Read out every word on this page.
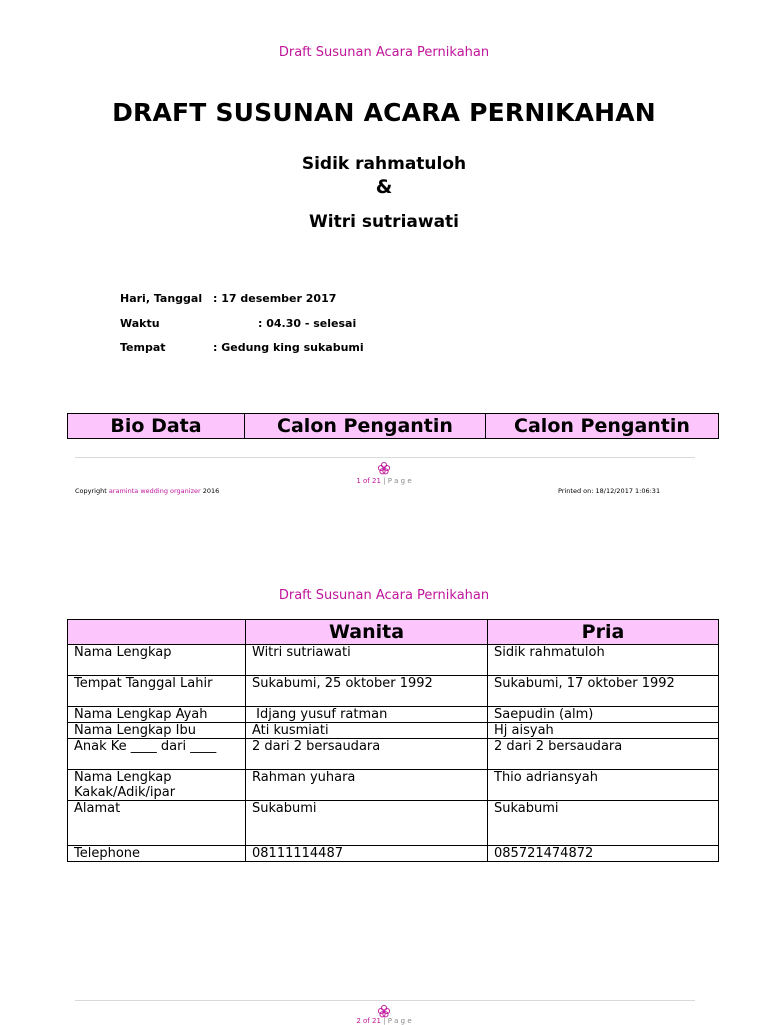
Draft Susunan Acara Pernikahan
DRAFT SUSUNAN ACARA PERNIKAHAN
Sidik rahmatuloh
&
Witri sutriawati
Hari, Tanggal : 17 desember 2017
Waktu	: 04.30 - selesai
Tempat	: Gedung king sukabumi
Bio Data	Calon Pengantin	Calon Pengantin
1 of 21 | P a g e
Copyright aramintа wedding organizer 2016	Printed on: 18/12/2017 1:06:31
Draft Susunan Acara Pernikahan
	Wanita	Pria
Nama Lengkap	Witri sutriawati	Sidik rahmatuloh
Tempat Tanggal Lahir	Sukabumi, 25 oktober 1992	Sukabumi, 17 oktober 1992
Nama Lengkap Ayah	Idjang yusuf ratman	Saepudin (alm)
Nama Lengkap Ibu	Ati kusmiati	Hj aisyah
Anak Ke ____ dari ____	2 dari 2 bersaudara	2 dari 2 bersaudara
Nama Lengkap Kakak/Adik/ipar	Rahman yuhara	Thio adriansyah
Alamat	Sukabumi	Sukabumi
Telephone	08111114487	085721474872
2 of 21 | P a g e
